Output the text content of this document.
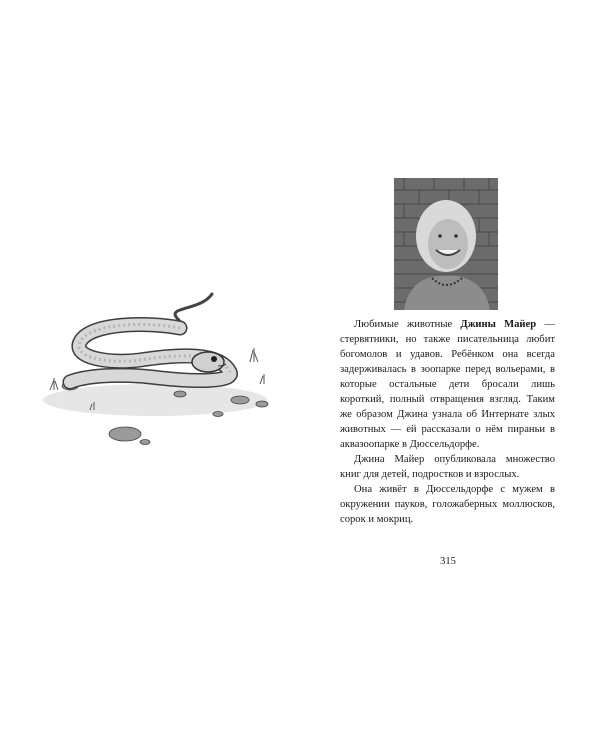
Любимые животные Джины Майер — стервятники, но также писательница любит богомолов и удавов. Ребёнком она всегда задерживалась в зоопарке перед вольерами, в которые остальные дети бросали лишь короткий, полный отвращения взгляд. Таким же образом Джина узнала об Интернате злых животных — ей рассказали о нём пираньи в аквазоопарке в Дюссельдорфе.

Джина Майер опубликовала множество книг для детей, подростков и взрослых.

Она живёт в Дюссельдорфе с мужем в окружении пауков, голожаберных моллюсков, сорок и мокриц.

315
